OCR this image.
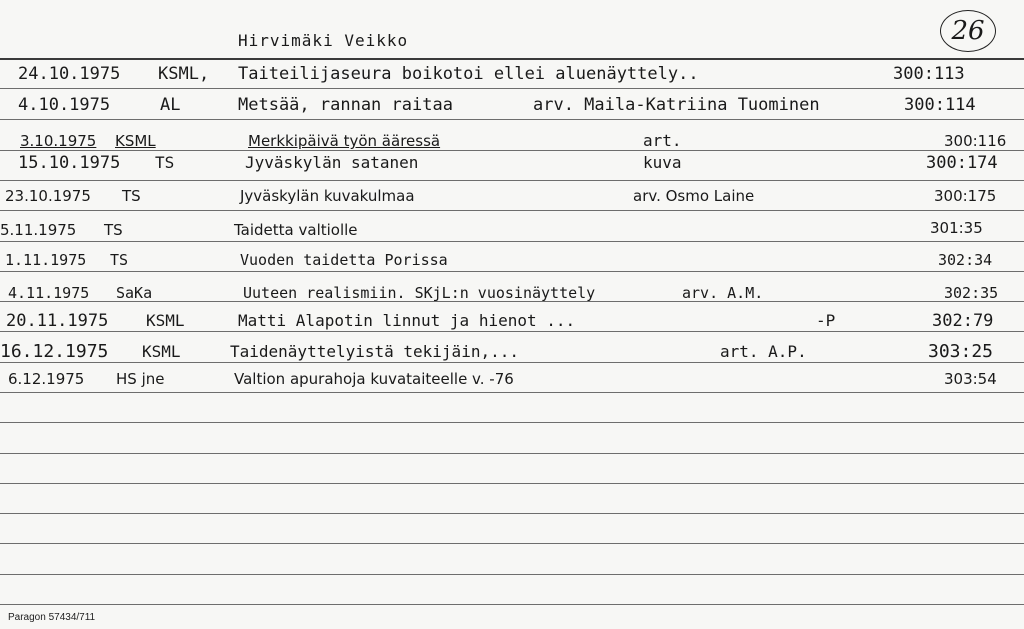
Hirvimäki Veikko	26
24.10.1975 KSML, Taiteilijaseura boikotoi ellei aluenäyttely..	300:113
4.10.1975	AL	Metsää, rannan raitaa	arv. Maila-Katriina Tuominen	300:114
3.10.1975 KSML	Merkkipäivä työn ääressä	art.	300:116
15.10.1975 TS	Jyväskylän satanen	kuva	300:174
23.10.1975 TS	Jyväskylän kuvakulmaa	arv. Osmo Laine	300:175
5.11.1975 TS	Taidetta valtiolle	301:35
1.11.1975 TS	Vuoden taidetta Porissa	302:34
4.11.1975 SaKa	Uuteen realismiin. SKjL:n vuosinäyttely	arv. A.M.	302:35
20.11.1975 KSML	Matti Alapotin linnut ja hienot ...	-P	302:79
16.12.1975 KSML	Taidenäyttelyistä tekijäin,...	art. A.P.	303:25
6.12.1975 HS jne	Valtion apurahoja kuvataiteelle v. -76	303:54
Paragon 57434/711
